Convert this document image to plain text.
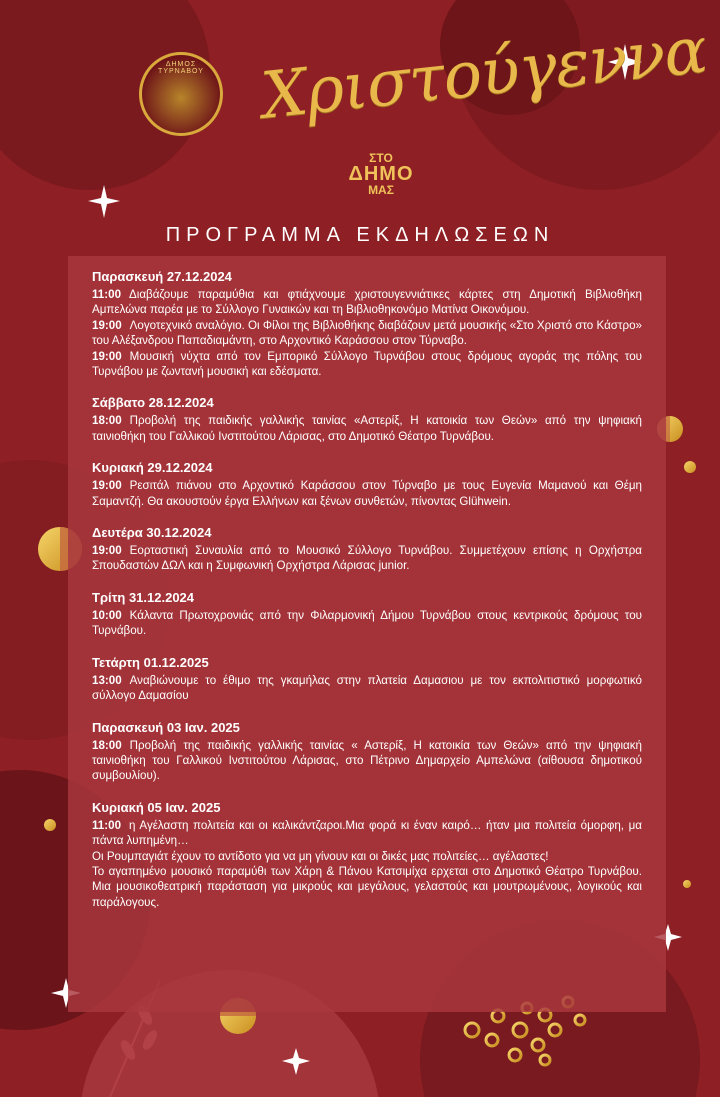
ΔΗΜΟΣ ΤΥΡΝΑΒΟΥ Χριστούγεννα
ΣΤΟ
ΔΗΜΟ
ΜΑΣ
ΠΡΟΓΡΑΜΜΑ ΕΚΔΗΛΩΣΕΩΝ
Παρασκευή 27.12.2024
11:00 Διαβάζουμε παραμύθια και φτιάχνουμε χριστουγεννιάτικες κάρτες στη Δημοτική Βιβλιοθήκη Αμπελώνα παρέα με το Σύλλογο Γυναικών και τη Βιβλιοθηκονόμο Ματίνα Οικονόμου.
19:00 Λογοτεχνικό αναλόγιο. Οι Φίλοι της Βιβλιοθήκης διαβάζουν μετά μουσικής «Στο Χριστό στο Κάστρο» του Αλέξανδρου Παπαδιαμάντη, στο Αρχοντικό Καράσσου στον Τύρναβο.
19:00 Μουσική νύχτα από τον Εμπορικό Σύλλογο Τυρνάβου στους δρόμους αγοράς της πόλης του Τυρνάβου με ζωντανή μουσική και εδέσματα.
Σάββατο 28.12.2024
18:00 Προβολή της παιδικής γαλλικής ταινίας «Αστερίξ, Η κατοικία των Θεών» από την ψηφιακή ταινιοθήκη του Γαλλικού Ινστιτούτου Λάρισας, στο Δημοτικό Θέατρο Τυρνάβου.
Κυριακή 29.12.2024
19:00 Ρεσιτάλ πιάνου στο Αρχοντικό Καράσσου στον Τύρναβο με τους Ευγενία Μαμανού και Θέμη Σαμαντζή. Θα ακουστούν έργα Ελλήνων και ξένων συνθετών, πίνοντας Glühwein.
Δευτέρα 30.12.2024
19:00 Εορταστική Συναυλία από το Μουσικό Σύλλογο Τυρνάβου. Συμμετέχουν επίσης η Ορχήστρα Σπουδαστών ΔΩΛ και η Συμφωνική Ορχήστρα Λάρισας junior.
Τρίτη 31.12.2024
10:00 Κάλαντα Πρωτοχρονιάς από την Φιλαρμονική Δήμου Τυρνάβου στους κεντρικούς δρόμους του Τυρνάβου.
Τετάρτη 01.12.2025
13:00 Αναβιώνουμε το έθιμο της γκαμήλας στην πλατεία Δαμασιου με τον εκπολιτιστικό μορφωτικό σύλλογο Δαμασίου
Παρασκευή 03 Ιαν. 2025
18:00 Προβολή της παιδικής γαλλικής ταινίας « Αστερίξ, Η κατοικία των Θεών» από την ψηφιακή ταινιοθήκη του Γαλλικού Ινστιτούτου Λάρισας, στο Πέτρινο Δημαρχείο Αμπελώνα (αίθουσα δημοτικού συμβουλίου).
Κυριακή 05 Ιαν. 2025
11:00 η Αγέλαστη πολιτεία και οι καλικάντζαροι.Μια φορά κι έναν καιρό… ήταν μια πολιτεία όμορφη, μα πάντα λυπημένη…
Οι Ρουμπαγιάτ έχουν το αντίδοτο για να μη γίνουν και οι δικές μας πολιτείες… αγέλαστες!
Το αγαπημένο μουσικό παραμύθι των Χάρη & Πάνου Κατσιμίχα ερχεται στο Δημοτικό Θέατρο Τυρνάβου. Μια μουσικοθεατρική παράσταση για μικρούς και μεγάλους, γελαστούς και μουτρωμένους, λογικούς και παράλογους.
